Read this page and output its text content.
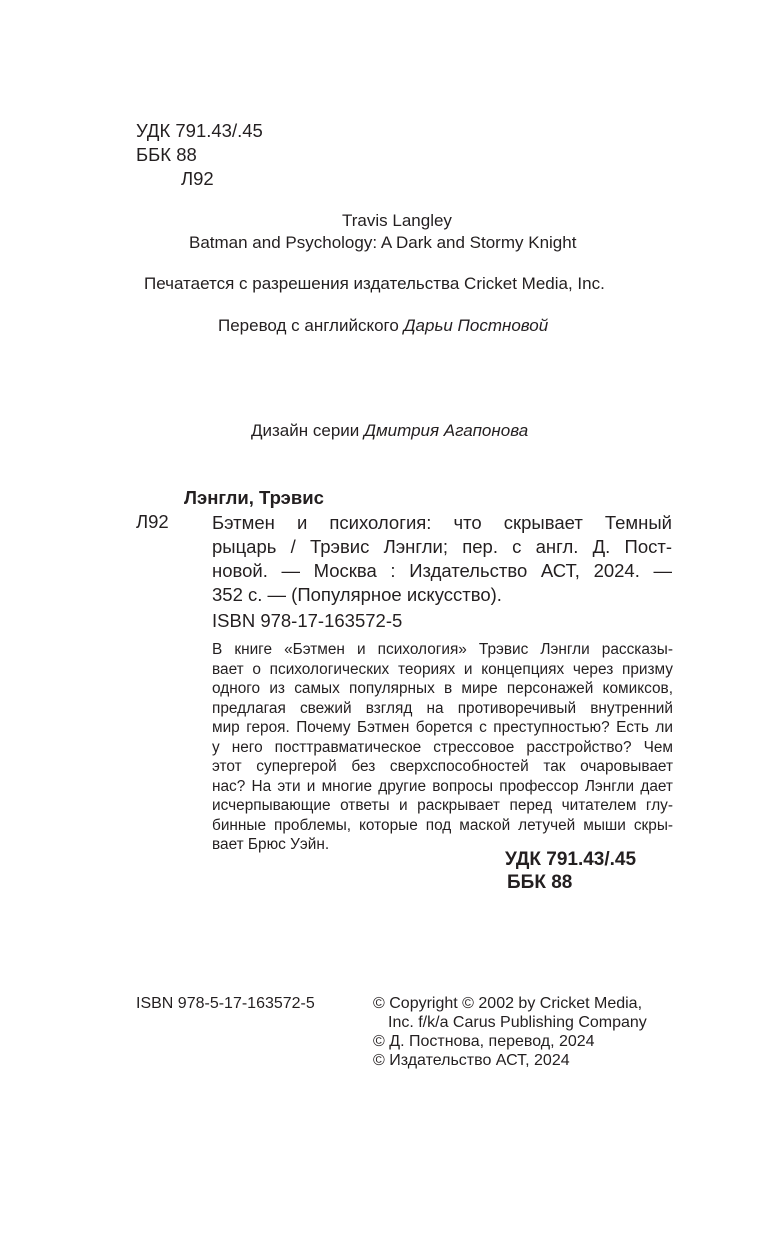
УДК 791.43/.45
ББК 88
Л92
Travis Langley
Batman and Psychology: A Dark and Stormy Knight
Печатается с разрешения издательства Cricket Media, Inc.
Перевод с английского Дарьи Постновой
Дизайн серии Дмитрия Агапонова
Лэнгли, Трэвис
Л92 Бэтмен и психология: что скрывает Темный
рыцарь / Трэвис Лэнгли; пер. с англ. Д. Пост-
новой. — Москва : Издательство АСТ, 2024. —
352 с. — (Популярное искусство).
ISBN 978-17-163572-5
В книге «Бэтмен и психология» Трэвис Лэнгли рассказы-
вает о психологических теориях и концепциях через призму
одного из самых популярных в мире персонажей комиксов,
предлагая свежий взгляд на противоречивый внутренний
мир героя. Почему Бэтмен борется с преступностью? Есть ли
у него посттравматическое стрессовое расстройство? Чем
этот супергерой без сверхспособностей так очаровывает
нас? На эти и многие другие вопросы профессор Лэнгли дает
исчерпывающие ответы и раскрывает перед читателем глу-
бинные проблемы, которые под маской летучей мыши скры-
вает Брюс Уэйн.
УДК 791.43/.45
ББК 88
ISBN 978-5-17-163572-5	© Copyright © 2002 by Cricket Media,
Inc. f/k/a Carus Publishing Company
© Д. Постнова, перевод, 2024
© Издательство АСТ, 2024
